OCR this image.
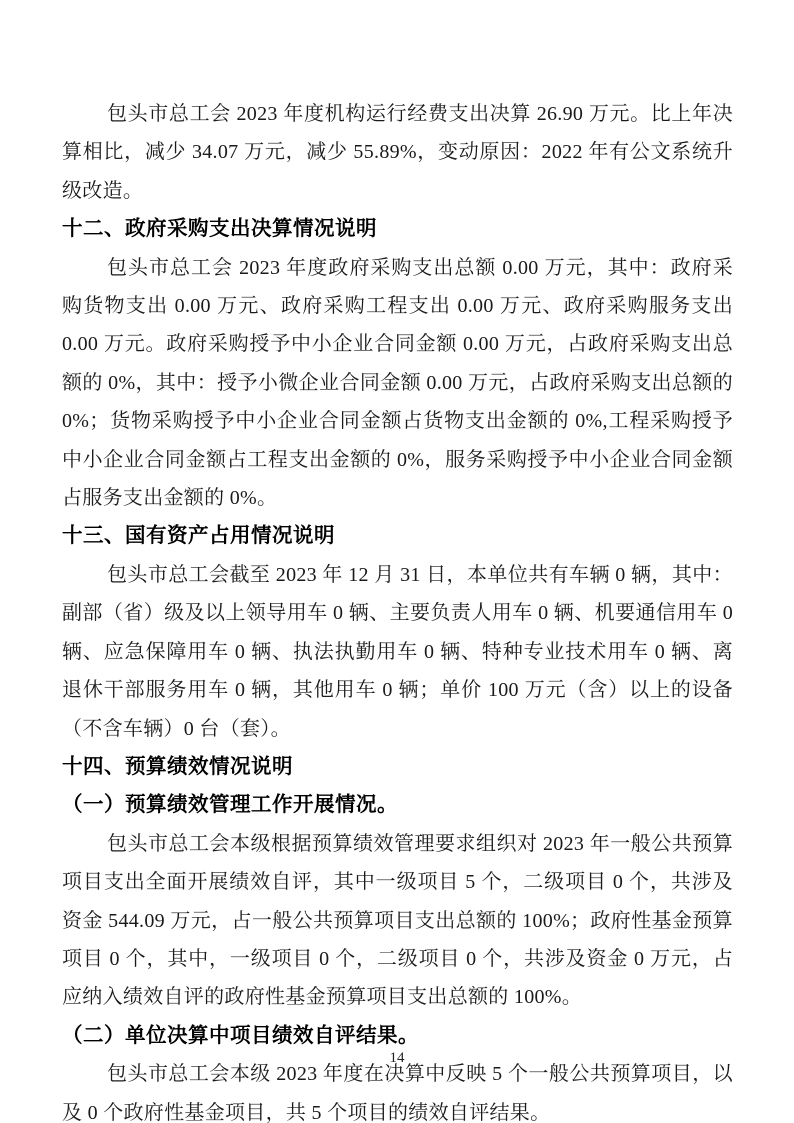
包头市总工会 2023 年度机构运行经费支出决算 26.90 万元。比上年决算相比，减少 34.07 万元，减少 55.89%，变动原因：2022 年有公文系统升级改造。

十二、政府采购支出决算情况说明

包头市总工会 2023 年度政府采购支出总额 0.00 万元，其中：政府采购货物支出 0.00 万元、政府采购工程支出 0.00 万元、政府采购服务支出 0.00 万元。政府采购授予中小企业合同金额 0.00 万元，占政府采购支出总额的 0%，其中：授予小微企业合同金额 0.00 万元，占政府采购支出总额的 0%；货物采购授予中小企业合同金额占货物支出金额的 0%,工程采购授予中小企业合同金额占工程支出金额的 0%，服务采购授予中小企业合同金额占服务支出金额的 0%。

十三、国有资产占用情况说明

包头市总工会截至 2023 年 12 月 31 日，本单位共有车辆 0 辆，其中：副部（省）级及以上领导用车 0 辆、主要负责人用车 0 辆、机要通信用车 0 辆、应急保障用车 0 辆、执法执勤用车 0 辆、特种专业技术用车 0 辆、离退休干部服务用车 0 辆，其他用车 0 辆；单价 100 万元（含）以上的设备（不含车辆）0 台（套）。

十四、预算绩效情况说明
（一）预算绩效管理工作开展情况。

包头市总工会本级根据预算绩效管理要求组织对 2023 年一般公共预算项目支出全面开展绩效自评，其中一级项目 5 个，二级项目 0 个，共涉及资金 544.09 万元，占一般公共预算项目支出总额的 100%；政府性基金预算项目 0 个，其中，一级项目 0 个，二级项目 0 个，共涉及资金 0 万元，占应纳入绩效自评的政府性基金预算项目支出总额的 100%。

（二）单位决算中项目绩效自评结果。

包头市总工会本级 2023 年度在决算中反映 5 个一般公共预算项目，以及 0 个政府性基金项目，共 5 个项目的绩效自评结果。

14
